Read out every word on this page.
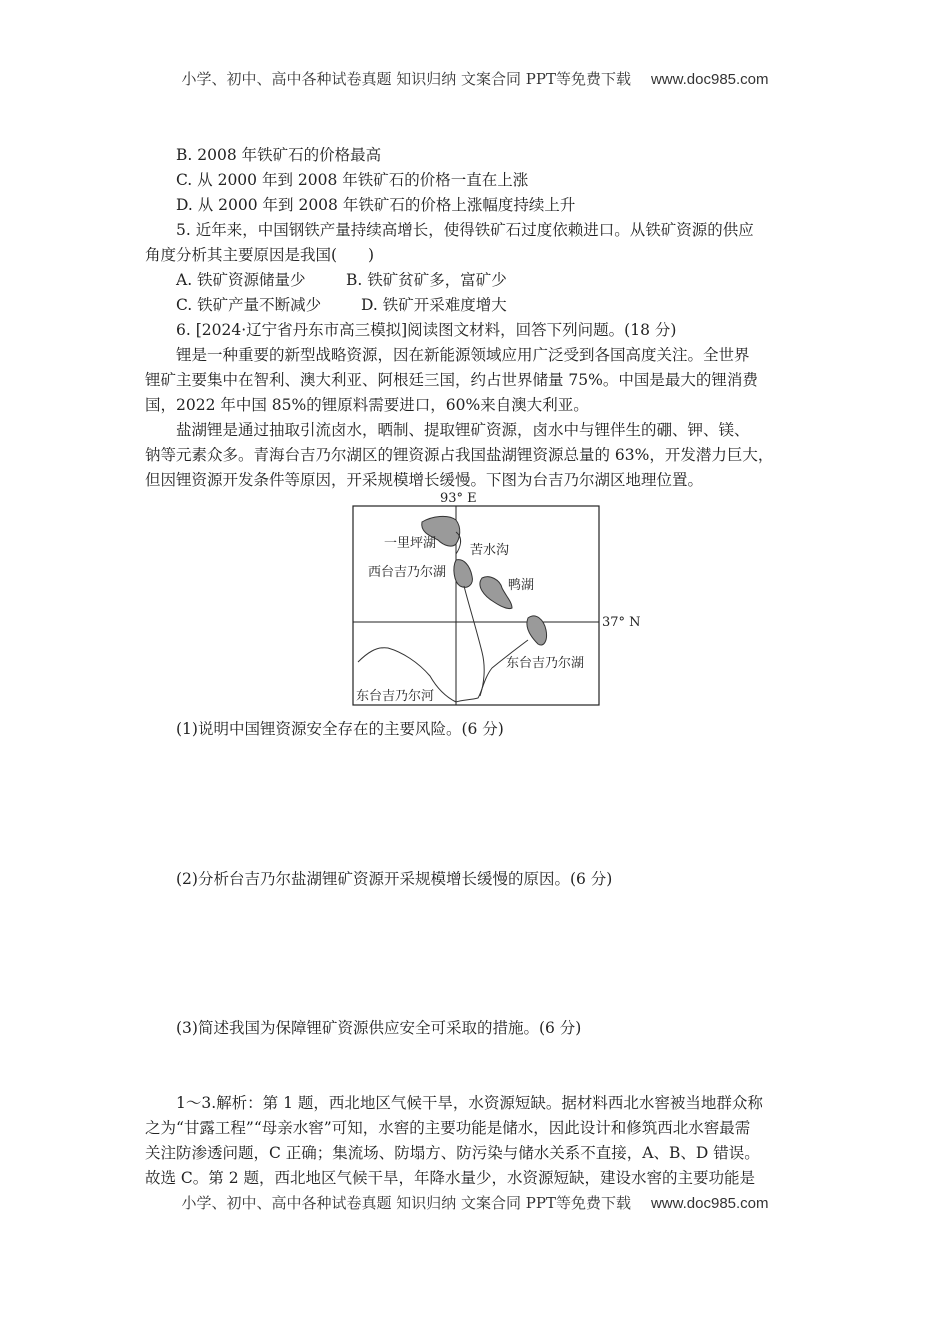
小学、初中、高中各种试卷真题 知识归纳 文案合同 PPT等免费下载 www.doc985.com
B. 2008 年铁矿石的价格最高
C. 从 2000 年到 2008 年铁矿石的价格一直在上涨
D. 从 2000 年到 2008 年铁矿石的价格上涨幅度持续上升
5. 近年来，中国钢铁产量持续高增长，使得铁矿石过度依赖进口。从铁矿资源的供应
角度分析其主要原因是我国(　　)
A. 铁矿资源储量少	B. 铁矿贫矿多，富矿少
C. 铁矿产量不断减少	D. 铁矿开采难度增大
6. [2024·辽宁省丹东市高三模拟]阅读图文材料，回答下列问题。(18 分)
锂是一种重要的新型战略资源，因在新能源领域应用广泛受到各国高度关注。全世界
锂矿主要集中在智利、澳大利亚、阿根廷三国，约占世界储量 75%。中国是最大的锂消费
国，2022 年中国 85%的锂原料需要进口，60%来自澳大利亚。
盐湖锂是通过抽取引流卤水，晒制、提取锂矿资源，卤水中与锂伴生的硼、钾、镁、
钠等元素众多。青海台吉乃尔湖区的锂资源占我国盐湖锂资源总量的 63%，开发潜力巨大，
但因锂资源开发条件等原因，开采规模增长缓慢。下图为台吉乃尔湖区地理位置。
93° E
37° N
一里坪湖	苦水沟
西台吉乃尔湖
鸭湖
东台吉乃尔湖
东台吉乃尔河
(1)说明中国锂资源安全存在的主要风险。(6 分)
(2)分析台吉乃尔盐湖锂矿资源开采规模增长缓慢的原因。(6 分)
(3)简述我国为保障锂矿资源供应安全可采取的措施。(6 分)
1～3.解析：第 1 题，西北地区气候干旱，水资源短缺。据材料西北水窖被当地群众称
之为“甘露工程”“母亲水窖”可知，水窖的主要功能是储水，因此设计和修筑西北水窖最需
关注防渗透问题，C 正确；集流场、防塌方、防污染与储水关系不直接，A、B、D 错误。
故选 C。第 2 题，西北地区气候干旱，年降水量少，水资源短缺，建设水窖的主要功能是
小学、初中、高中各种试卷真题 知识归纳 文案合同 PPT等免费下载 www.doc985.com
